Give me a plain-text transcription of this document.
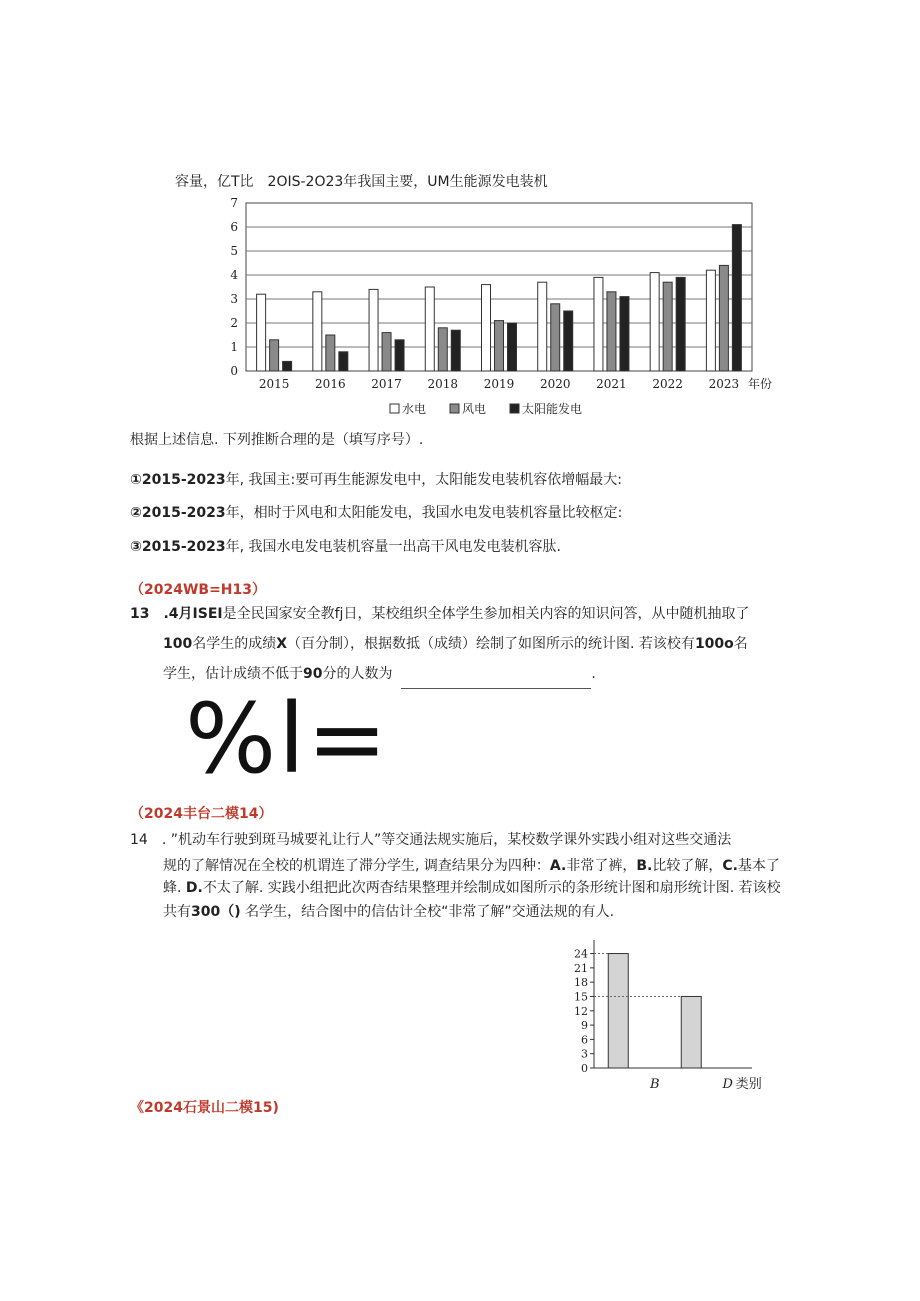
容量，亿T比　2OIS-2O23年我国主要，UM生能源发电装机
0
1
2
3
4
5
6
7
2015 2016 2017 2018 2019 2020 2021 2022 2023 年份
水电	风电	太阳能发电
根据上述信息. 下列推断合理的是（填写序号）.
①2015-2023年, 我国主:要可再生能源发电中，太阳能发电装机容依增幅最大:
②2015-2023年，相时于风电和太阳能发电，我国水电发电装机容量比较枢定:
③2015-2023年, 我国水电发电装机容量一出高干风电发电装机容肽.
（2024WB=H13）
13　.4月ISEI是全民国家安全教fj日，某校组织全体学生参加相关内容的知识问答，从中随机抽取了
100名学生的成绩X（百分制），根据数抵（成绩）绘制了如图所示的统计图. 若该校有100o名
学生，估计成绩不低于90分的人数为	.
%l=
（2024丰台二模14）
14　. ”机动车行驶到斑马城要礼让行人”等交通法规实施后，某校数学课外实践小组对这些交通法
规的了解情况在全校的机谓连了滞分学生, 调查结果分为四种：A.非常了裤，B.比较了解，C.基本了
蜂. D.不太了解. 实践小组把此次两杳结果整理并绘制成如图所示的条形统计图和扇形统计图. 若该校
共有300（) 名学生，结合图中的信估计全校“非常了解”交通法规的有人.
0
3
6
9
12
15
18
21
24
B	D 类别
《2024石景山二模15)
